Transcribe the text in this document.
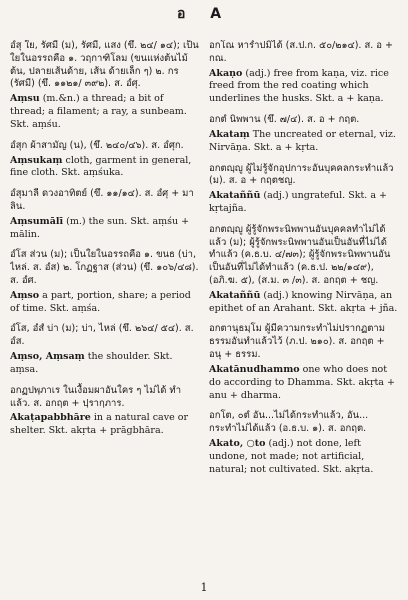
อ A
อํสุ ใย, รัศมี (ม), รัศมี, แสง (ขึ. ๒๔/ ๑๔); เป็นใยในอรรถคือ ๑. วฤกาฑิโลม (ขนแห่งต้นไม้ต้น, ปลายเส้นด้าย, เส้น ด้ายเล็ก ๆ) ๒. กร (รัศมี) (ขึ. ๑๑๒๑/ ๓๙๒). ส. อํศุ.
Aṃsu (m.&n.) a thread; a bit of thread; a filament; a ray, a sunbeam. Skt. aṃśu.
อํสุก ผ้าสามัญ (น), (ขึ. ๒๔๐/๔๖). ส. อํศุก.
Aṃsukaṃ cloth, garment in general, fine cloth. Skt. aṃśuka.
อํสุมาลี ดวงอาทิตย์ (ขึ. ๑๑/๑๔). ส. อํศุ + มาลิน.
Aṃsumālī (m.) the sun. Skt. aṃśu + mālin.
อํโส ส่วน (ม); เป็นใยในอรรถคือ ๑. ขนธ (บ่า, ไหล่. ส. อํส) ๒. โกฏฐาส (ส่วน) (ขึ. ๑๐๖/๔๘). ส. อํศ.
Aṃso a part, portion, share; a period of time. Skt. aṃśa.
อํโส, อํสํ บ่า (ม); บ่า, ไหล่ (ขึ. ๒๖๔/ ๕๔). ส. อํส.
Aṃso, Aṃsaṃ the shoulder. Skt. aṃsa.
อกฏปพฺภาเร ในเงื้อมผาอันใคร ๆ ไม่ได้ ทำแล้ว. ส. อกฤต + ปฺรากฺภาร.
Akaṭapabbhāre in a natural cave or shelter. Skt. akṛta + prāgbhāra.
อกโณ หารำปมิได้ (ส.ป.ก. ๕๐/๒๑๔). ส. อ + กณ.
Akaṇo (adj.) free from kaṇa, viz. rice freed from the red coating which underlines the husks. Skt. a + kaṇa.
อกตํ นิพพาน (ขึ. ๗/๔). ส. อ + กฤต.
Akataṃ The uncreated or eternal, viz. Nirvāṇa. Skt. a + kṛta.
อกตญฺญู ผู้ไม่รู้จักอุปการะอันบุคคลกระทำแล้ว (ม). ส. อ + กฤตชญ.
Akataññū (adj.) ungrateful. Skt. a + kṛtajña.
อกตญฺญู ผู้รู้จักพระนิพพานอันบุคคลทำไม่ได้แล้ว (ม); ผู้รู้จักพระนิพพานอันเป็นอันที่ไม่ได้ทำแล้ว (ค.ธ.บ. ๔/๗๓); ผู้รู้จักพระนิพพานอันเป็นอันที่ไม่ได้ทำแล้ว (ค.ธ.ป. ๒๒/๑๔๙), (อภิ.ฆ. ๕), (ส.ม. ๓ /๓). ส. อกฤต + ชญ.
Akataññū (adj.) knowing Nirvāṇa, an epithet of an Arahant. Skt. akṛta + jña.
อกตานุธมฺโม ผู้มีความกระทำไม่ปรากฏตามธรรมอันทำแล้วไว้ (ภ.ป. ๒๑๐). ส. อกฤต + อนุ + ธรรม.
Akatānudhammo one who does not do according to Dhamma. Skt. akṛta + anu + dharma.
อกโต, ๐ตํ อัน...ไม่ได้กระทำแล้ว, อัน... กระทำไม่ได้แล้ว (อ.ธ.บ. ๑). ส. อกฤต.
Akato, ○to (adj.) not done, left undone, not made; not artificial, natural; not cultivated. Skt. akṛta.
1
